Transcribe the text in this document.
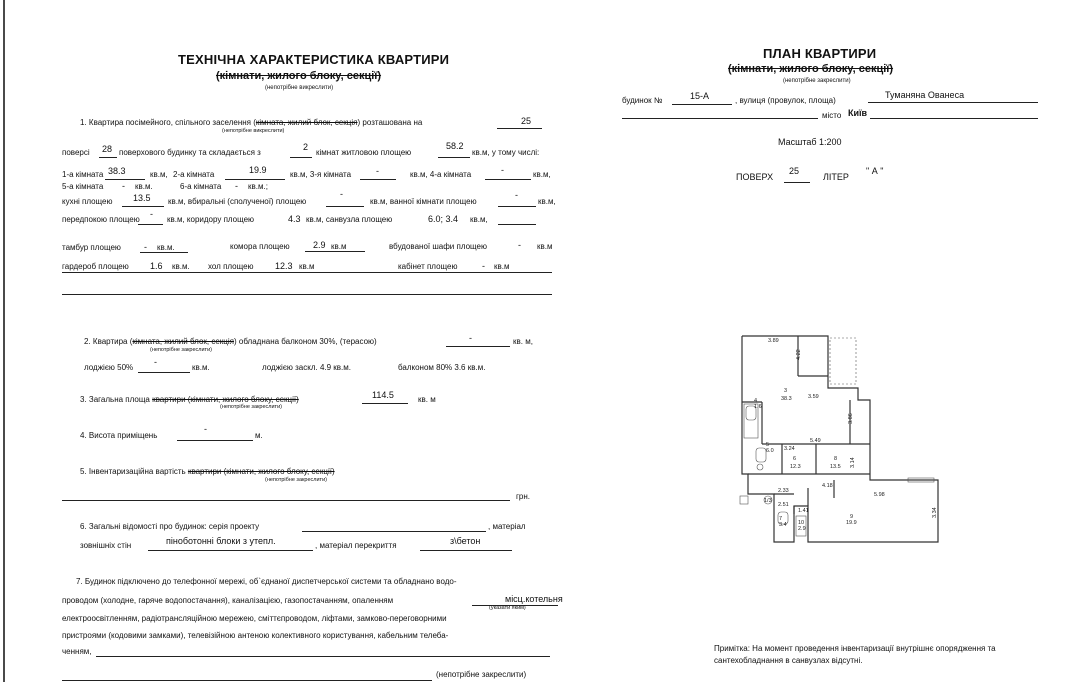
ТЕХНІЧНА ХАРАКТЕРИСТИКА КВАРТИРИ
(кімнати, жилого блоку, секції)
(непотрібне викреслити)
1. Квартира посімейного, спільного заселення (кімната, жилий блок, секція) розташована на	25
(непотрібне викреслити)
поверсі 28 поверхового будинку та складається з
2
кімнат житловою площею
58.2
кв.м, у тому числі:
1-а кімната 38.3	кв.м, 2-а кімната	19.9	кв.м, 3-я кімната	-	кв.м, 4-а кімната	-	кв.м,
5-а кімната - кв.м.	6-а кімната - кв.м.;
кухні площею 13.5 кв.м, вбиральні (сполученої) площею
-
кв.м, ванної кімнати площею
-
кв.м,
передпокою площею
-
кв.м, коридору площею	4.3 кв.м, санвузла площею	6.0; 3.4 кв.м,
тамбур площею	- кв.м.	комора площею	2.9 кв.м	вбудованої шафи площею	- кв.м
гардероб площею 1.6 кв.м. хол площею 12.3 кв.м	кабінет площею	- кв.м
2. Квартира (кімната, жилий блок, секція) обладнана балконом 30%, (терасою)	-	кв. м,
(непотрібне закреслити)
лоджією 50%
-
кв.м.	лоджією заскл. 4.9 кв.м.	балконом 80% 3.6 кв.м.
3. Загальна площа квартири (кімнати, жилого блоку, секції)	114.5	кв. м
(непотрібне закреслити)
4. Висота приміщень
-
м.
5. Інвентаризаційна вартість квартири (кімнати, жилого блоку, секції)
(непотрібне закреслити)
грн.
6. Загальні відомості про будинок: серія проекту	, матеріал
зовнішніх стін	піноботонні блоки з утепл.	, матеріал перекриття	з\бетон
7. Будинок підключено до телефонної мережі, об`єднаної диспетчерської системи та обладнано водо-
проводом (холодне, гаряче водопостачання), каналізацією, газопостачанням, опаленням	місц.котельня
(указати яким)
електроосвітленням, радіотрансляційною мережею, сміттєпроводом, ліфтами, замково-переговорними
пристроями (кодовими замками), телевізійною антеною колективного користування, кабельним телеба-
ченням,
(непотрібне закреслити)
ПЛАН КВАРТИРИ
(кімнати, жилого блоку, секції)
(непотрібне закреслити)
будинок №	15-А	, вулиця (провулок, площа)
Туманяна Ованеса
місто Київ
Масштаб 1:200
ПОВЕРХ
25
ЛІТЕР
" А "
3.89
4.22
3.59
3
38.3
4
1.6
3.86
5.49
3.24
5
6.0
6
12.3
8
13.5 3.14
4.18
5.98
9
19.9
3.34
1.41
7
3.4 10
2.9
2.51
2.33
1/3
Примітка: На момент проведення інвентаризації внутрішнє опорядження та
сантехобладнання в санвузлах відсутні.
